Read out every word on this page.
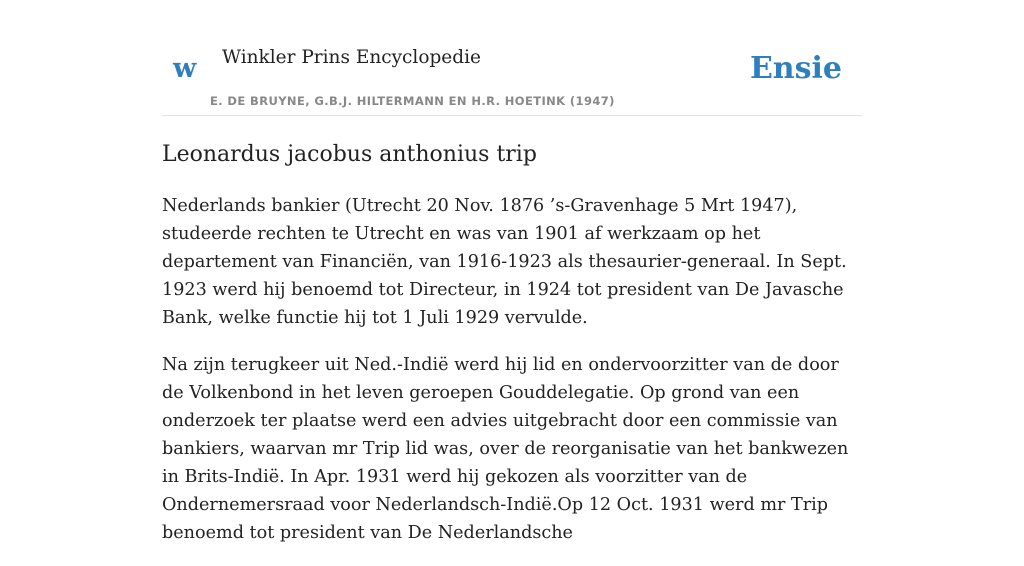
w Winkler Prins Encyclopedie
E. DE BRUYNE, G.B.J. HILTERMANN EN H.R. HOETINK (1947)
Ensie
Leonardus jacobus anthonius trip

Nederlands bankier (Utrecht 20 Nov. 1876 ’s-Gravenhage 5 Mrt 1947), studeerde rechten te Utrecht en was van 1901 af werkzaam op het departement van Financiën, van 1916-1923 als thesaurier-generaal. In Sept. 1923 werd hij benoemd tot Directeur, in 1924 tot president van De Javasche Bank, welke functie hij tot 1 Juli 1929 vervulde.

Na zijn terugkeer uit Ned.-Indië werd hij lid en ondervoorzitter van de door de Volkenbond in het leven geroepen Gouddelegatie. Op grond van een onderzoek ter plaatse werd een advies uitgebracht door een commissie van bankiers, waarvan mr Trip lid was, over de reorganisatie van het bankwezen in Brits-Indië. In Apr. 1931 werd hij gekozen als voorzitter van de Ondernemersraad voor Nederlandsch-Indië.Op 12 Oct. 1931 werd mr Trip benoemd tot president van De Nederlandsche
